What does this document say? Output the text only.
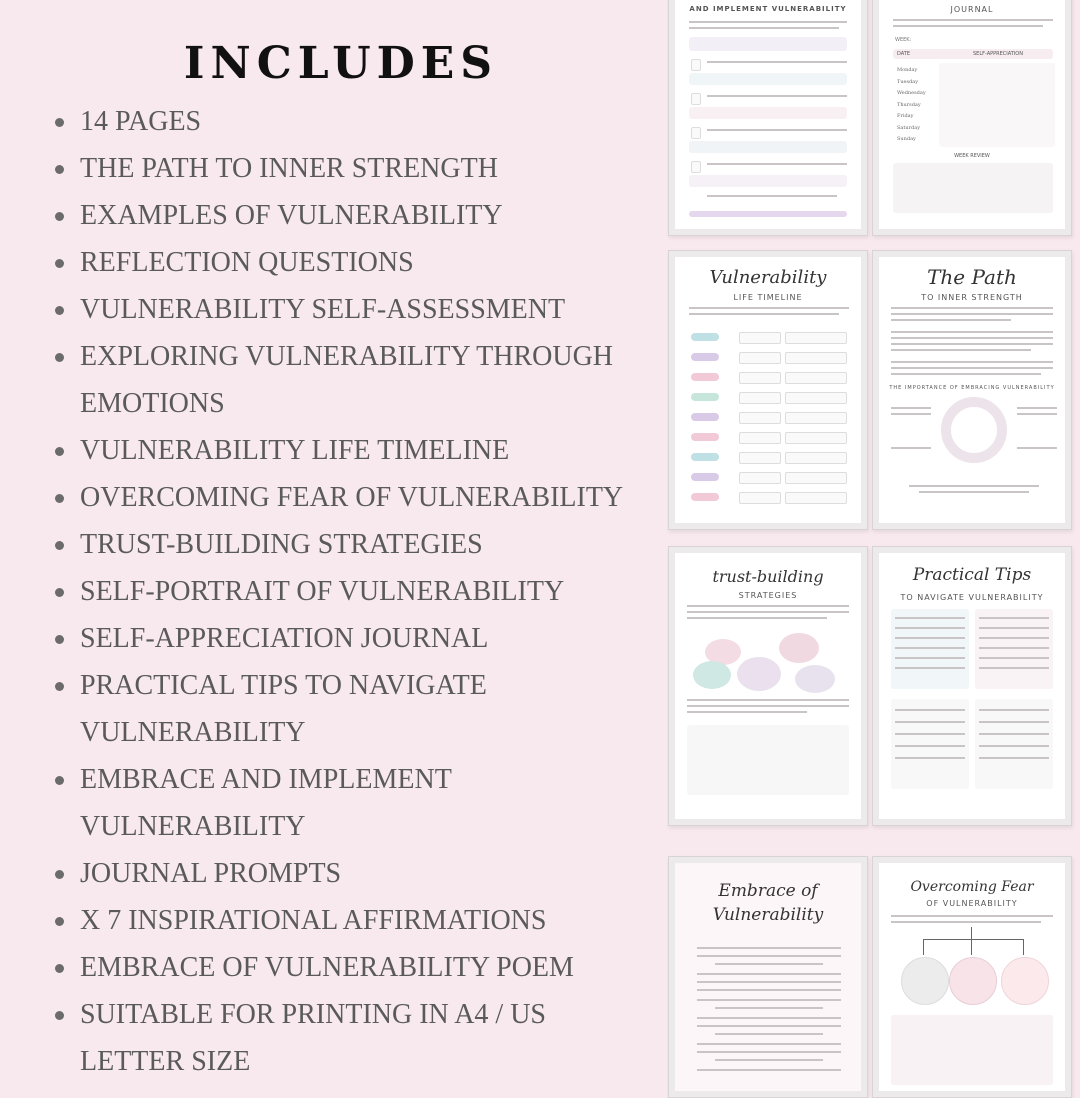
INCLUDES
14 PAGES
THE PATH TO INNER STRENGTH
EXAMPLES OF VULNERABILITY
REFLECTION QUESTIONS
VULNERABILITY SELF-ASSESSMENT
EXPLORING VULNERABILITY THROUGH
EMOTIONS
VULNERABILITY LIFE TIMELINE
OVERCOMING FEAR OF VULNERABILITY
TRUST-BUILDING STRATEGIES
SELF-PORTRAIT OF VULNERABILITY
SELF-APPRECIATION JOURNAL
PRACTICAL TIPS TO NAVIGATE
VULNERABILITY
EMBRACE AND IMPLEMENT
VULNERABILITY
JOURNAL PROMPTS
X 7 INSPIRATIONAL AFFIRMATIONS
EMBRACE OF VULNERABILITY POEM
SUITABLE FOR PRINTING IN A4 / US
LETTER SIZE
AND IMPLEMENT VULNERABILITY	JOURNAL
WEEK:
DATE	SELF-APPRECIATION
Monday
Tuesday
Wednesday
Thursday
Friday
Saturday
Sunday
WEEK REVIEW
Vulnerability
LIFE TIMELINE
The Path
TO INNER STRENGTH
THE IMPORTANCE OF EMBRACING VULNERABILITY
trust-building
STRATEGIES
Practical Tips
TO NAVIGATE VULNERABILITY
Embrace of
Vulnerability
Overcoming Fear
OF VULNERABILITY
